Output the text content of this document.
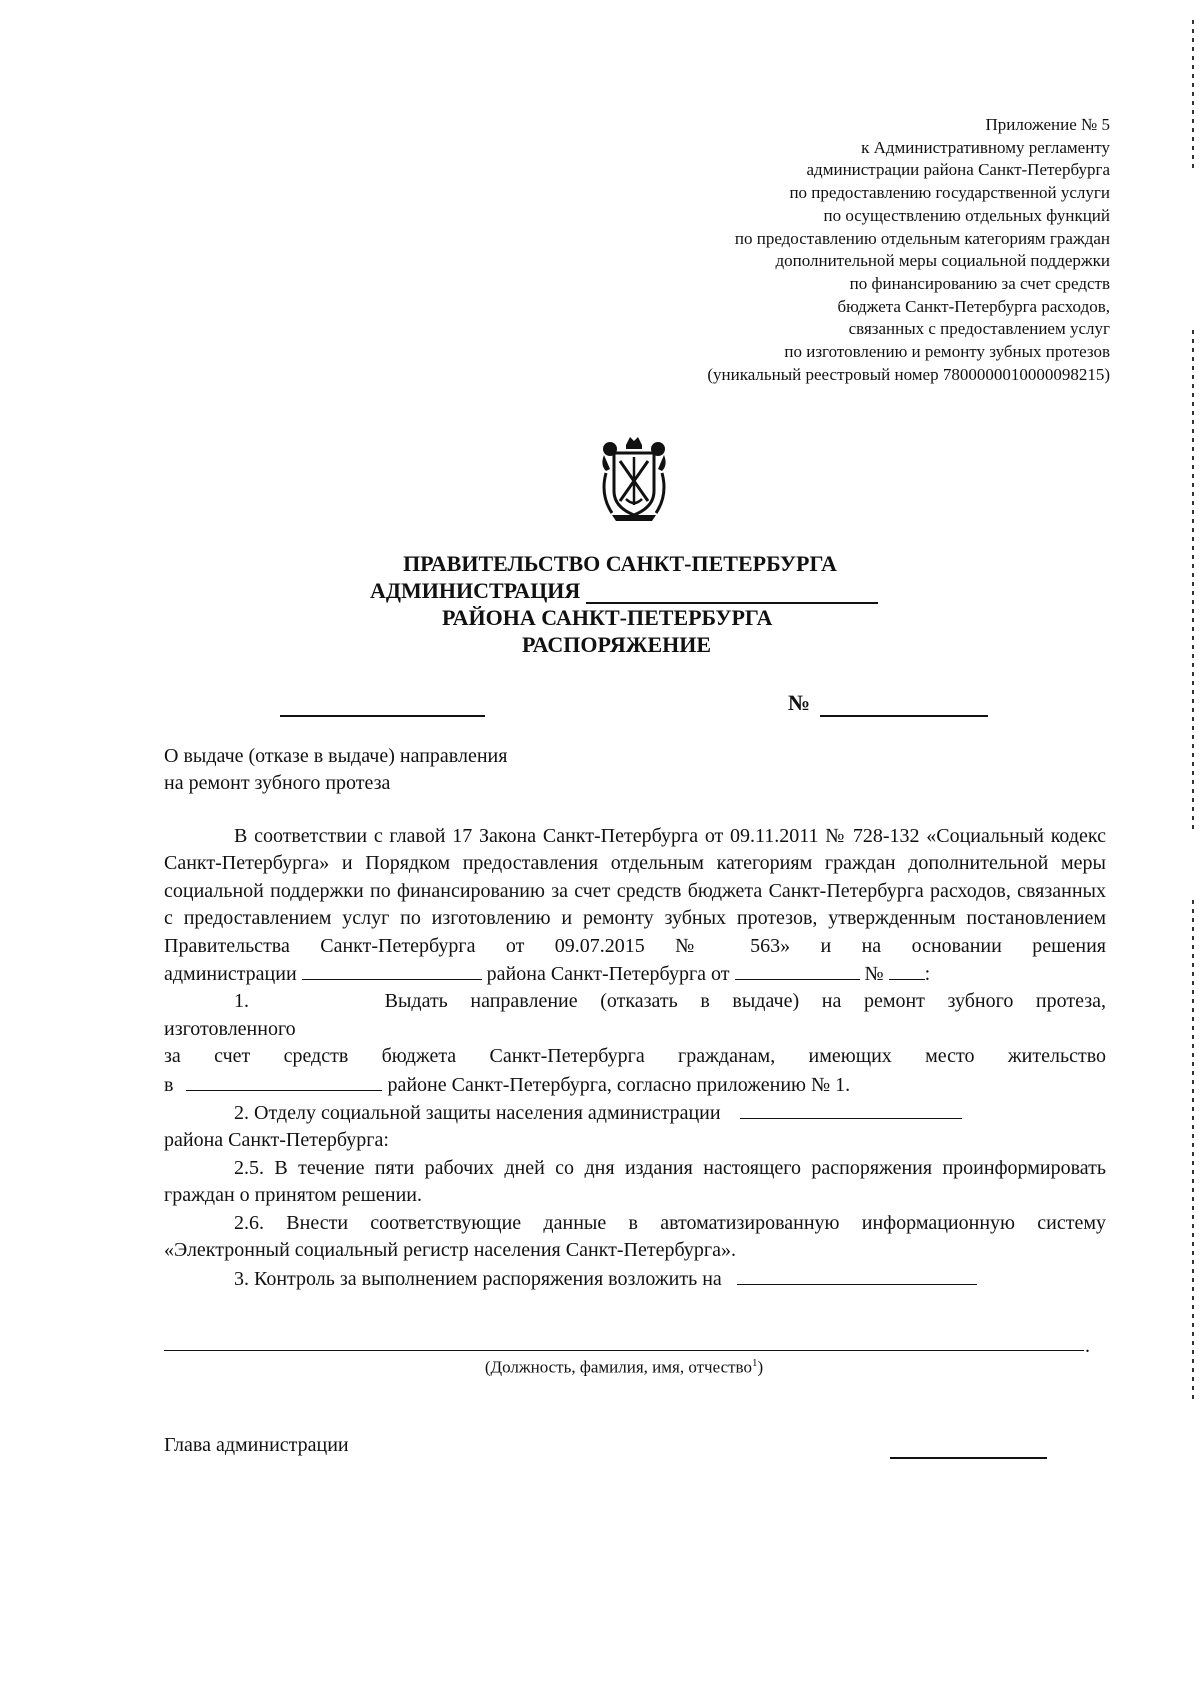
Приложение № 5
к Административному регламенту
администрации района Санкт-Петербурга
по предоставлению государственной услуги
по осуществлению отдельных функций
по предоставлению отдельным категориям граждан
дополнительной меры социальной поддержки
по финансированию за счет средств
бюджета Санкт-Петербурга расходов,
связанных с предоставлением услуг
по изготовлению и ремонту зубных протезов
(уникальный реестровый номер 7800000010000098215)
ПРАВИТЕЛЬСТВО САНКТ-ПЕТЕРБУРГА
АДМИНИСТРАЦИЯ
РАЙОНА САНКТ-ПЕТЕРБУРГА
РАСПОРЯЖЕНИЕ
№
О выдаче (отказе в выдаче) направления
на ремонт зубного протеза

В соответствии с главой 17 Закона Санкт-Петербурга от 09.11.2011 № 728-132 «Социальный кодекс Санкт-Петербурга» и Порядком предоставления отдельным категориям граждан дополнительной меры социальной поддержки по финансированию за счет средств бюджета Санкт-Петербурга расходов, связанных с предоставлением услуг по изготовлению и ремонту зубных протезов, утвержденным постановлением Правительства Санкт-Петербурга от 09.07.2015 № 563» и на основании решения

администрации	района Санкт-Петербурга от	№ :

1.	Выдать направление (отказать в выдаче) на ремонт зубного протеза,

изготовленного

за счет средств бюджета Санкт-Петербурга гражданам, имеющих место жительство

в	районе Санкт-Петербурга, согласно приложению № 1.

2. Отделу социальной защиты населения администрации

района Санкт-Петербурга:

2.5. В течение пяти рабочих дней со дня издания настоящего распоряжения проинформировать граждан о принятом решении.

2.6. Внести соответствующие данные в автоматизированную информационную систему «Электронный социальный регистр населения Санкт-Петербурга».

3. Контроль за выполнением распоряжения возложить на

.
(Должность, фамилия, имя, отчество$^1$)
Глава администрации
